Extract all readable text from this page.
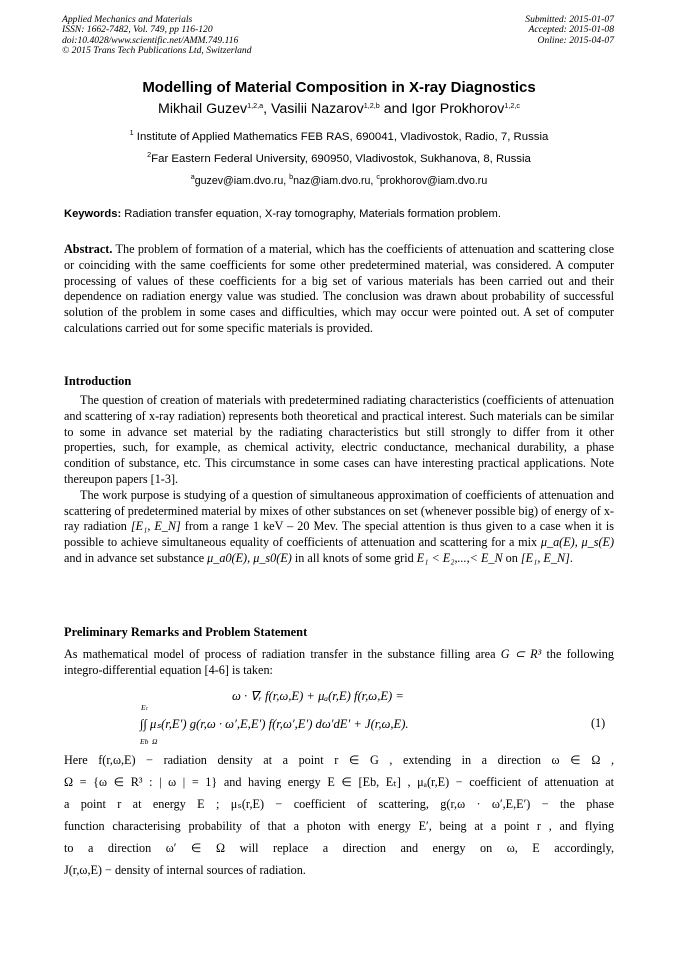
Applied Mechanics and Materials
ISSN: 1662-7482, Vol. 749, pp 116-120
doi:10.4028/www.scientific.net/AMM.749.116
© 2015 Trans Tech Publications Ltd, Switzerland
Submitted: 2015-01-07
Accepted: 2015-01-08
Online: 2015-04-07
Modelling of Material Composition in X-ray Diagnostics
Mikhail Guzev$^{1,2,a}$, Vasilii Nazarov$^{1,2,b}$ and Igor Prokhorov$^{1,2,c}$
$^1$ Institute of Applied Mathematics FEB RAS, 690041, Vladivostok, Radio, 7, Russia
$^2$Far Eastern Federal University, 690950, Vladivostok, Sukhanova, 8, Russia
$^a$guzev@iam.dvo.ru, $^b$naz@iam.dvo.ru, $^c$prokhorov@iam.dvo.ru
Keywords: Radiation transfer equation, X-ray tomography, Materials formation problem.
Abstract. The problem of formation of a material, which has the coefficients of attenuation and scattering close or coinciding with the same coefficients for some other predetermined material, was considered. A computer processing of values of these coefficients for a big set of various materials has been carried out and their dependence on radiation energy value was studied. The conclusion was drawn about probability of successful solution of the problem in some cases and difficulties, which may occur were pointed out. A set of computer calculations carried out for some specific materials is provided.
Introduction

The question of creation of materials with predetermined radiating characteristics (coefficients of attenuation and scattering of x-ray radiation) represents both theoretical and practical interest. Such materials can be similar to some in advance set material by the radiating characteristics but still strongly to differ from it other properties, such, for example, as chemical activity, electric conductance, mechanical durability, a phase condition of substance, etc. This circumstance in some cases can have interesting practical applications. Note thereupon papers [1-3].

The work purpose is studying of a question of simultaneous approximation of coefficients of attenuation and scattering of predetermined material by mixes of other substances on set (whenever possible big) of energy of x-ray radiation [E₁, E_N] from a range 1 keV – 20 Mev. The special attention is thus given to a case when it is possible to achieve simultaneous equality of coefficients of attenuation and scattering for a mix μ_a(E), μ_s(E) and in advance set substance μ_a0(E), μ_s0(E) in all knots of some grid E₁ < E₂,...,< E_N on [E₁, E_N].

Preliminary Remarks and Problem Statement
As mathematical model of process of radiation transfer in the substance filling area G ⊂ R³ the following integro-differential equation [4-6] is taken:
ω · ∇ᵣ f(r,ω,E) + μₐ(r,E) f(r,ω,E) =
Eₜ
∫∫ μₛ(r,E′) g(r,ω · ω′,E,E′) f(r,ω′,E′) dω′dE′ + J(r,ω,E).
Eb Ω
(1)
Here f(r,ω,E) − radiation density at a point r ∈ G , extending in a direction ω ∈ Ω ,
Ω = {ω ∈ R³ : | ω | = 1} and having energy E ∈ [Eb, Eₜ] , μₐ(r,E) − coefficient of attenuation at
a point r at energy E ; μₛ(r,E) − coefficient of scattering, g(r,ω · ω′,E,E′) − the phase
function characterising probability of that a photon with energy E′, being at a point r , and flying
to a direction ω′ ∈ Ω will replace a direction and energy on ω, E accordingly,
J(r,ω,E) − density of internal sources of radiation.
